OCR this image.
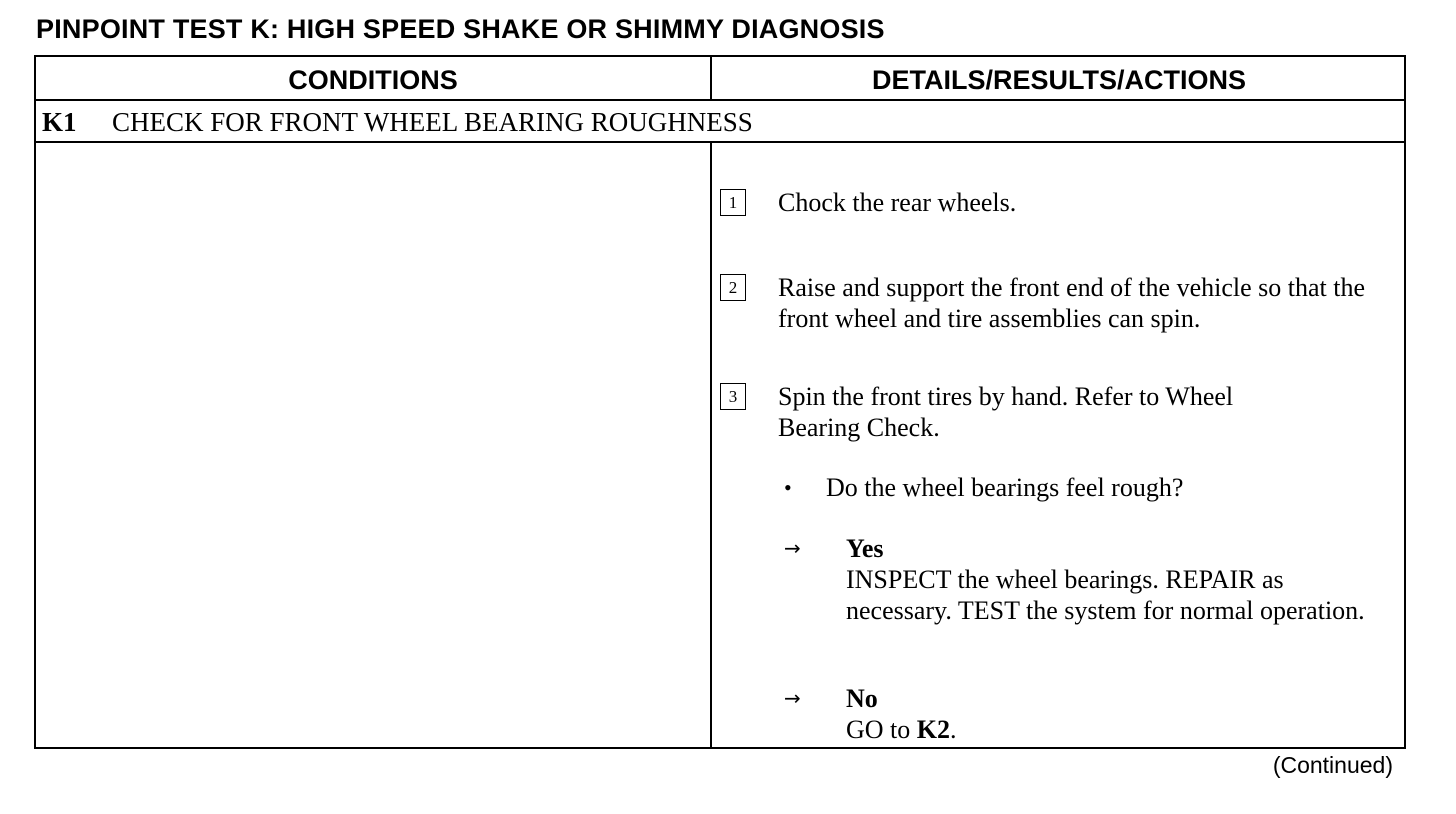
PINPOINT TEST K: HIGH SPEED SHAKE OR SHIMMY DIAGNOSIS
CONDITIONS	DETAILS/RESULTS/ACTIONS
K1 CHECK FOR FRONT WHEEL BEARING ROUGHNESS
1	Chock the rear wheels.
2	Raise and support the front end of the vehicle so that the front wheel and tire assemblies can spin.
3	Spin the front tires by hand. Refer to Wheel Bearing Check.
• Do the wheel bearings feel rough?
→ Yes
INSPECT the wheel bearings. REPAIR as necessary. TEST the system for normal operation.
→ No
GO to K2.
(Continued)
